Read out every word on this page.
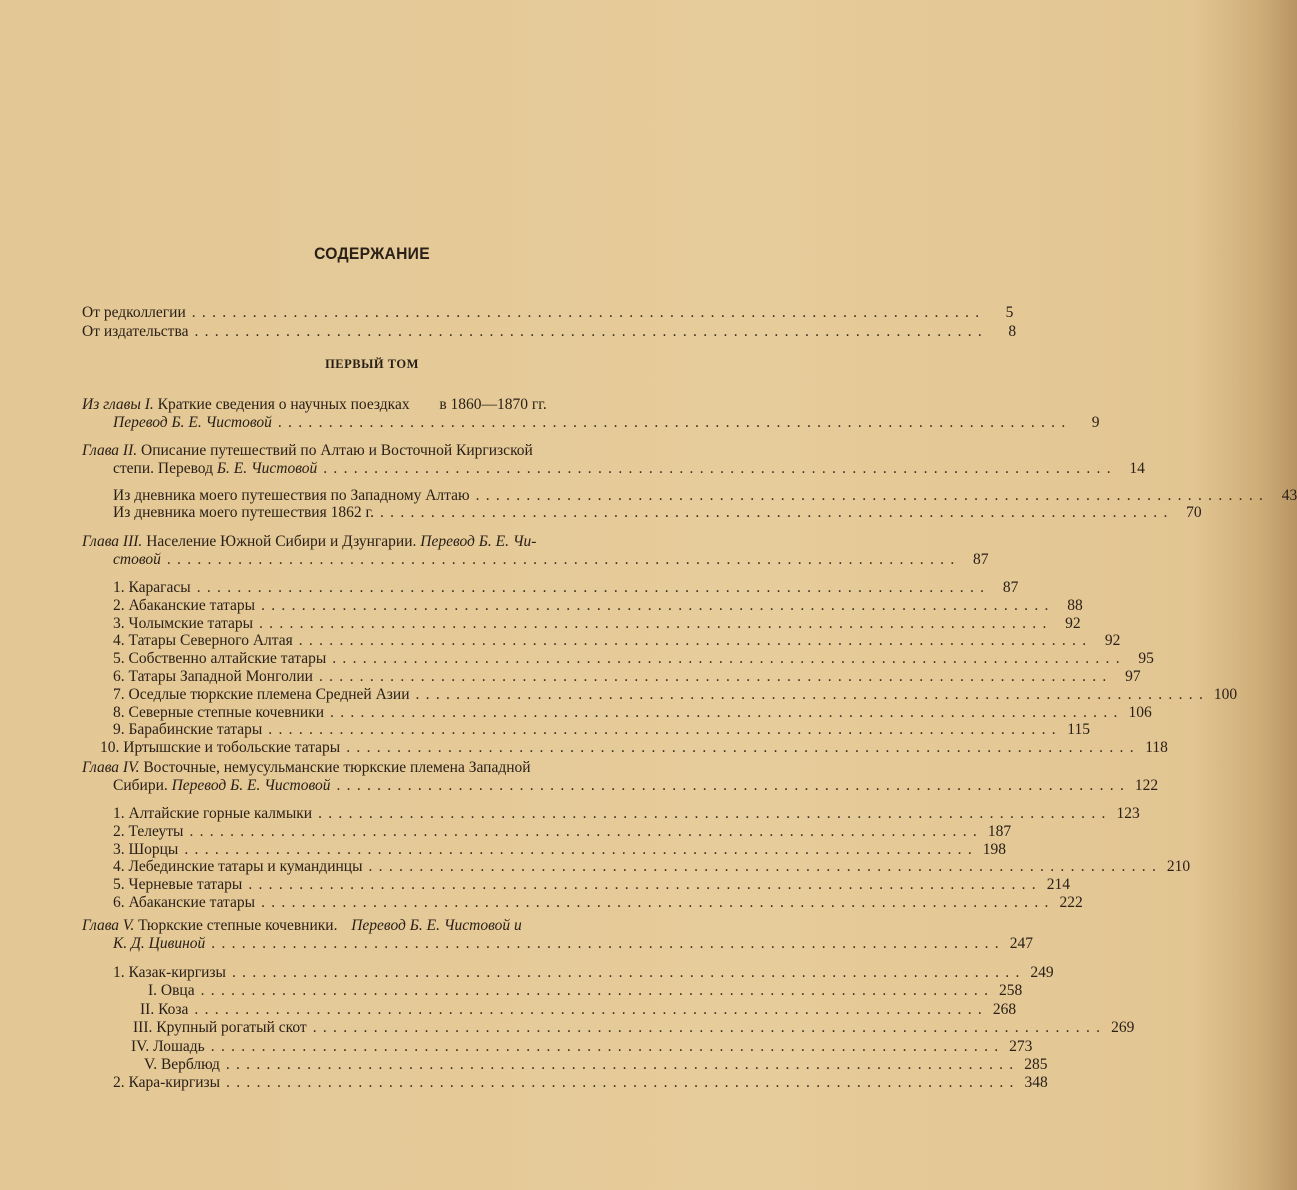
СОДЕРЖАНИЕ
От редколлегии ..............................................................................	5
От издательства ..............................................................................	8
ПЕРВЫЙ ТОМ
Из главы I. Краткие сведения о научных поездках в 1860—1870 гг.
Перевод Б. Е. Чистовой ..............................................................................	9
Глава II. Описание путешествий по Алтаю и Восточной Киргизской
степи. Перевод Б. Е. Чистовой .............................................................................. 14
Из дневника моего путешествия по Западному Алтаю .............................................................................. 43
Из дневника моего путешествия 1862 г. .............................................................................. 70
Глава III. Население Южной Сибири и Дзунгарии. Перевод Б. Е. Чи-
стовой .............................................................................. 87
1. Карагасы .............................................................................. 87
2. Абаканские татары .............................................................................. 88
3. Чолымские татары .............................................................................. 92
4. Татары Северного Алтая .............................................................................. 92
5. Собственно алтайские татары .............................................................................. 95
6. Татары Западной Монголии .............................................................................. 97
7. Оседлые тюркские племена Средней Азии .............................................................................. 100
8. Северные степные кочевники .............................................................................. 106
9. Барабинские татары .............................................................................. 115
10. Иртышские и тобольские татары .............................................................................. 118
Глава IV. Восточные, немусульманские тюркские племена Западной
Сибири. Перевод Б. Е. Чистовой .............................................................................. 122
1. Алтайские горные калмыки .............................................................................. 123
2. Телеуты .............................................................................. 187
3. Шорцы .............................................................................. 198
4. Лебединские татары и кумандинцы .............................................................................. 210
5. Черневые татары .............................................................................. 214
6. Абаканские татары .............................................................................. 222
Глава V. Тюркские степные кочевники. Перевод Б. Е. Чистовой и
К. Д. Цивиной .............................................................................. 247
1. Казак-киргизы .............................................................................. 249
I. Овца .............................................................................. 258
II. Коза .............................................................................. 268
III. Крупный рогатый скот .............................................................................. 269
IV. Лошадь .............................................................................. 273
V. Верблюд .............................................................................. 285
2. Кара-киргизы .............................................................................. 348
